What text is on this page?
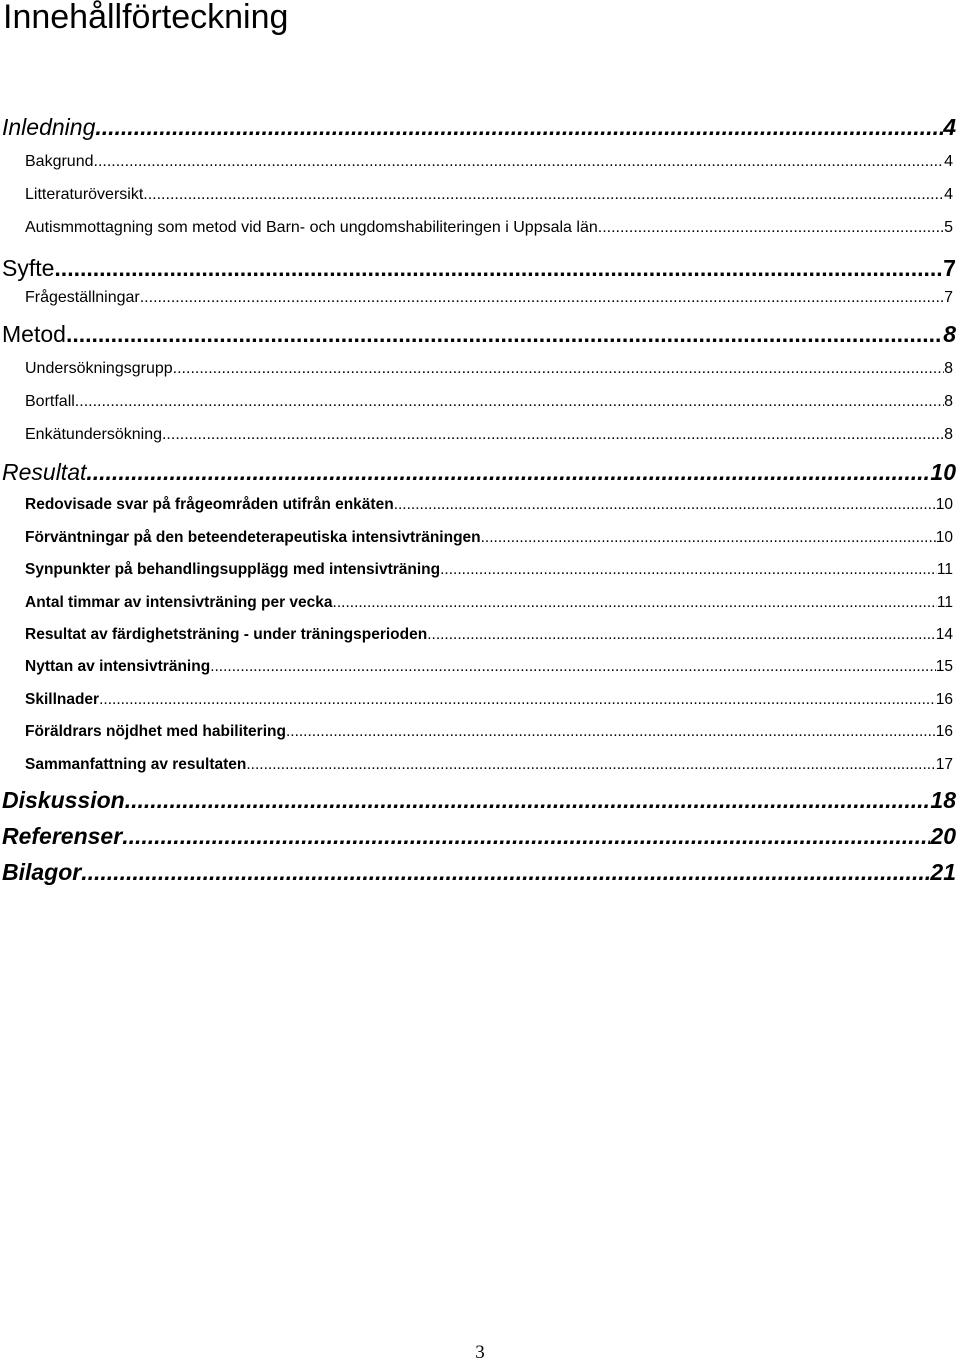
Innehållförteckning
Inledning .....	4
Bakgrund .....	4
Litteraturöversikt .....	4
Autismmottagning som metod vid Barn- och ungdomshabiliteringen i Uppsala län .....	5
Syfte .....	7
Frågeställningar .....	7
Metod .....	8
Undersökningsgrupp .....	8
Bortfall .....	8
Enkätundersökning .....	8
Resultat .....	10
Redovisade svar på frågeområden utifrån enkäten .....	10
Förväntningar på den beteendeterapeutiska intensivträningen .....	10
Synpunkter på behandlingsupplägg med intensivträning .....	11
Antal timmar av intensivträning per vecka .....	11
Resultat av färdighetsträning - under träningsperioden .....	14
Nyttan av intensivträning .....	15
Skillnader .....	16
Föräldrars nöjdhet med habilitering .....	16
Sammanfattning av resultaten .....	17
Diskussion .....	18
Referenser .....	20
Bilagor .....	21
3
